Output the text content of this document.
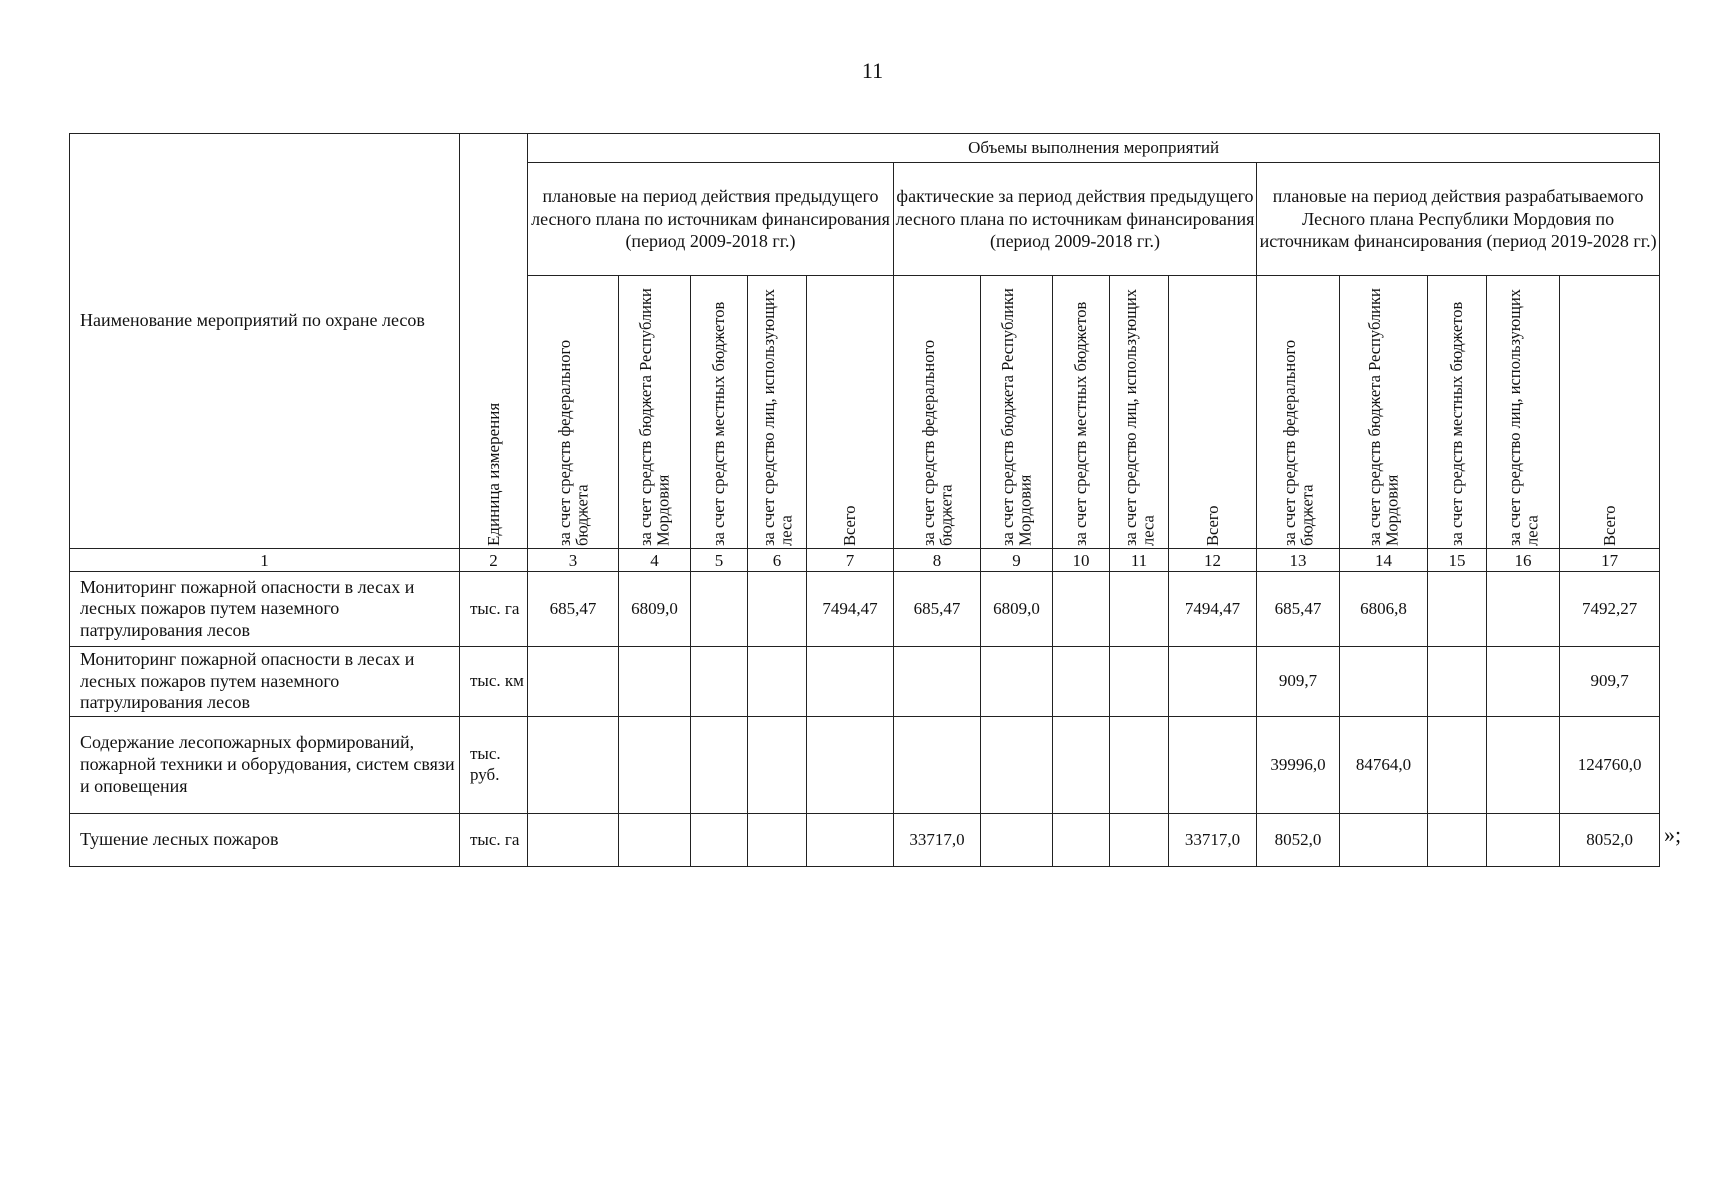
11
Наименование мероприятий по охране лесов	Единица измерения	Объемы выполнения мероприятий														
		плановые на период действия предыдущего лесного плана по источникам финансирования (период 2009-2018 гг.)					фактические за период действия предыдущего лесного плана по источникам финансирования (период 2009-2018 гг.)					плановые на период действия разрабатываемого Лесного плана Республики Мордовия по источникам финансирования (период 2019-2028 гг.)				

		за счет средств федерального бюджета	за счет средств бюджета Республики Мордовия	за счет средств местных бюджетов	за счет средство лиц, использующих леса	Всего	за счет средств федерального бюджета	за счет средств бюджета Республики Мордовия	за счет средств местных бюджетов	за счет средство лиц, использующих леса	Всего	за счет средств федерального бюджета	за счет средств бюджета Республики Мордовия	за счет средств местных бюджетов	за счет средство лиц, использующих леса	Всего

1	2	3	4	5	6	7	8	9	10	11	12	13	14	15	16	17
Мониторинг пожарной опасности в лесах и лесных пожаров путем наземного патрулирования лесов	тыс. га	685,47	6809,0			7494,47	685,47	6809,0			7494,47	685,47	6806,8			7492,27
Мониторинг пожарной опасности в лесах и лесных пожаров путем наземного патрулирования лесов	тыс. км											909,7				909,7
Содержание лесопожарных формирований, пожарной техники и оборудования, систем связи и оповещения	тыс. руб.											39996,0	84764,0			124760,0
Тушение лесных пожаров	тыс. га						33717,0				33717,0	8052,0				8052,0 »;
